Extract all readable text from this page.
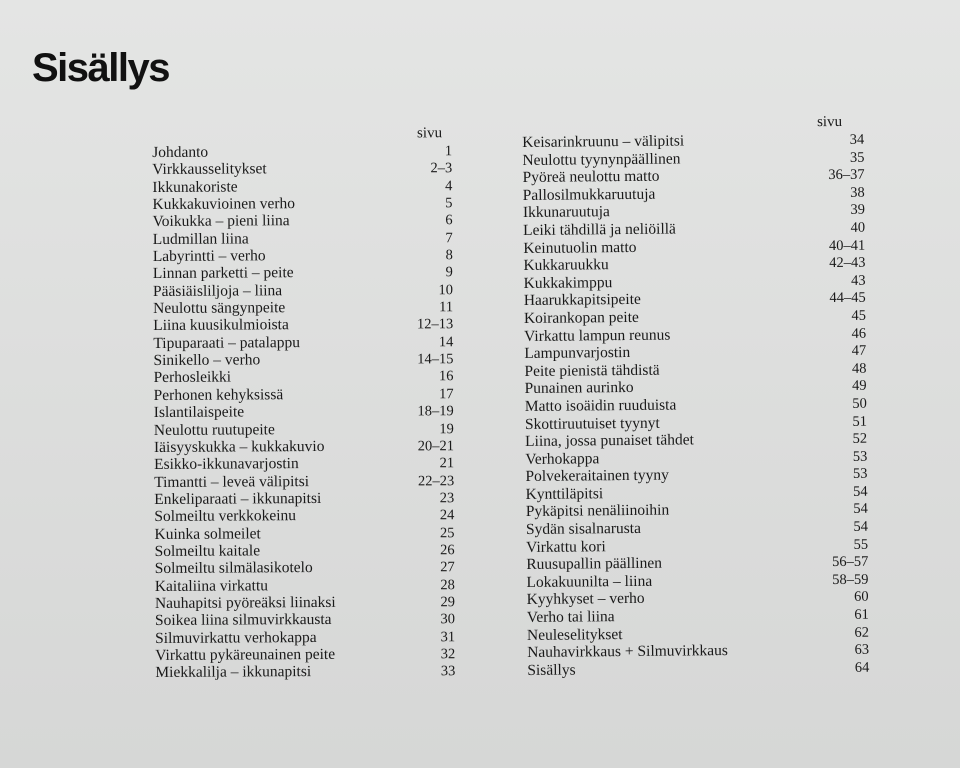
Sisällys
sivu
Johdanto	1
Virkkausselitykset	2–3
Ikkunakoriste	4
Kukkakuvioinen verho	5
Voikukka – pieni liina	6
Ludmillan liina	7
Labyrintti – verho	8
Linnan parketti – peite	9
Pääsiäisliljoja – liina	10
Neulottu sängynpeite	11
Liina kuusikulmioista	12–13
Tipuparaati – patalappu	14
Sinikello – verho	14–15
Perhosleikki	16
Perhonen kehyksissä	17
Islantilaispeite	18–19
Neulottu ruutupeite	19
Iäisyyskukka – kukkakuvio	20–21
Esikko-ikkunavarjostin	21
Timantti – leveä välipitsi	22–23
Enkeliparaati – ikkunapitsi	23
Solmeiltu verkkokeinu	24
Kuinka solmeilet	25
Solmeiltu kaitale	26
Solmeiltu silmälasikotelo	27
Kaitaliina virkattu	28
Nauhapitsi pyöreäksi liinaksi	29
Soikea liina silmuvirkkausta	30
Silmuvirkattu verhokappa	31
Virkattu pykäreunainen peite	32
Miekkalilja – ikkunapitsi	33
sivu
Keisarinkruunu – välipitsi	34
Neulottu tyynynpäällinen	35
Pyöreä neulottu matto	36–37
Pallosilmukkaruutuja	38
Ikkunaruutuja	39
Leiki tähdillä ja neliöillä	40
Keinutuolin matto	40–41
Kukkaruukku	42–43
Kukkakimppu	43
Haarukkapitsipeite	44–45
Koirankopan peite	45
Virkattu lampun reunus	46
Lampunvarjostin	47
Peite pienistä tähdistä	48
Punainen aurinko	49
Matto isoäidin ruuduista	50
Skottiruutuiset tyynyt	51
Liina, jossa punaiset tähdet	52
Verhokappa	53
Polvekeraitainen tyyny	53
Kynttiläpitsi	54
Pykäpitsi nenäliinoihin	54
Sydän sisalnarusta	54
Virkattu kori	55
Ruusupallin päällinen	56–57
Lokakuunilta – liina	58–59
Kyyhkyset – verho	60
Verho tai liina	61
Neuleselitykset	62
Nauhavirkkaus + Silmuvirkkaus	63
Sisällys	64
